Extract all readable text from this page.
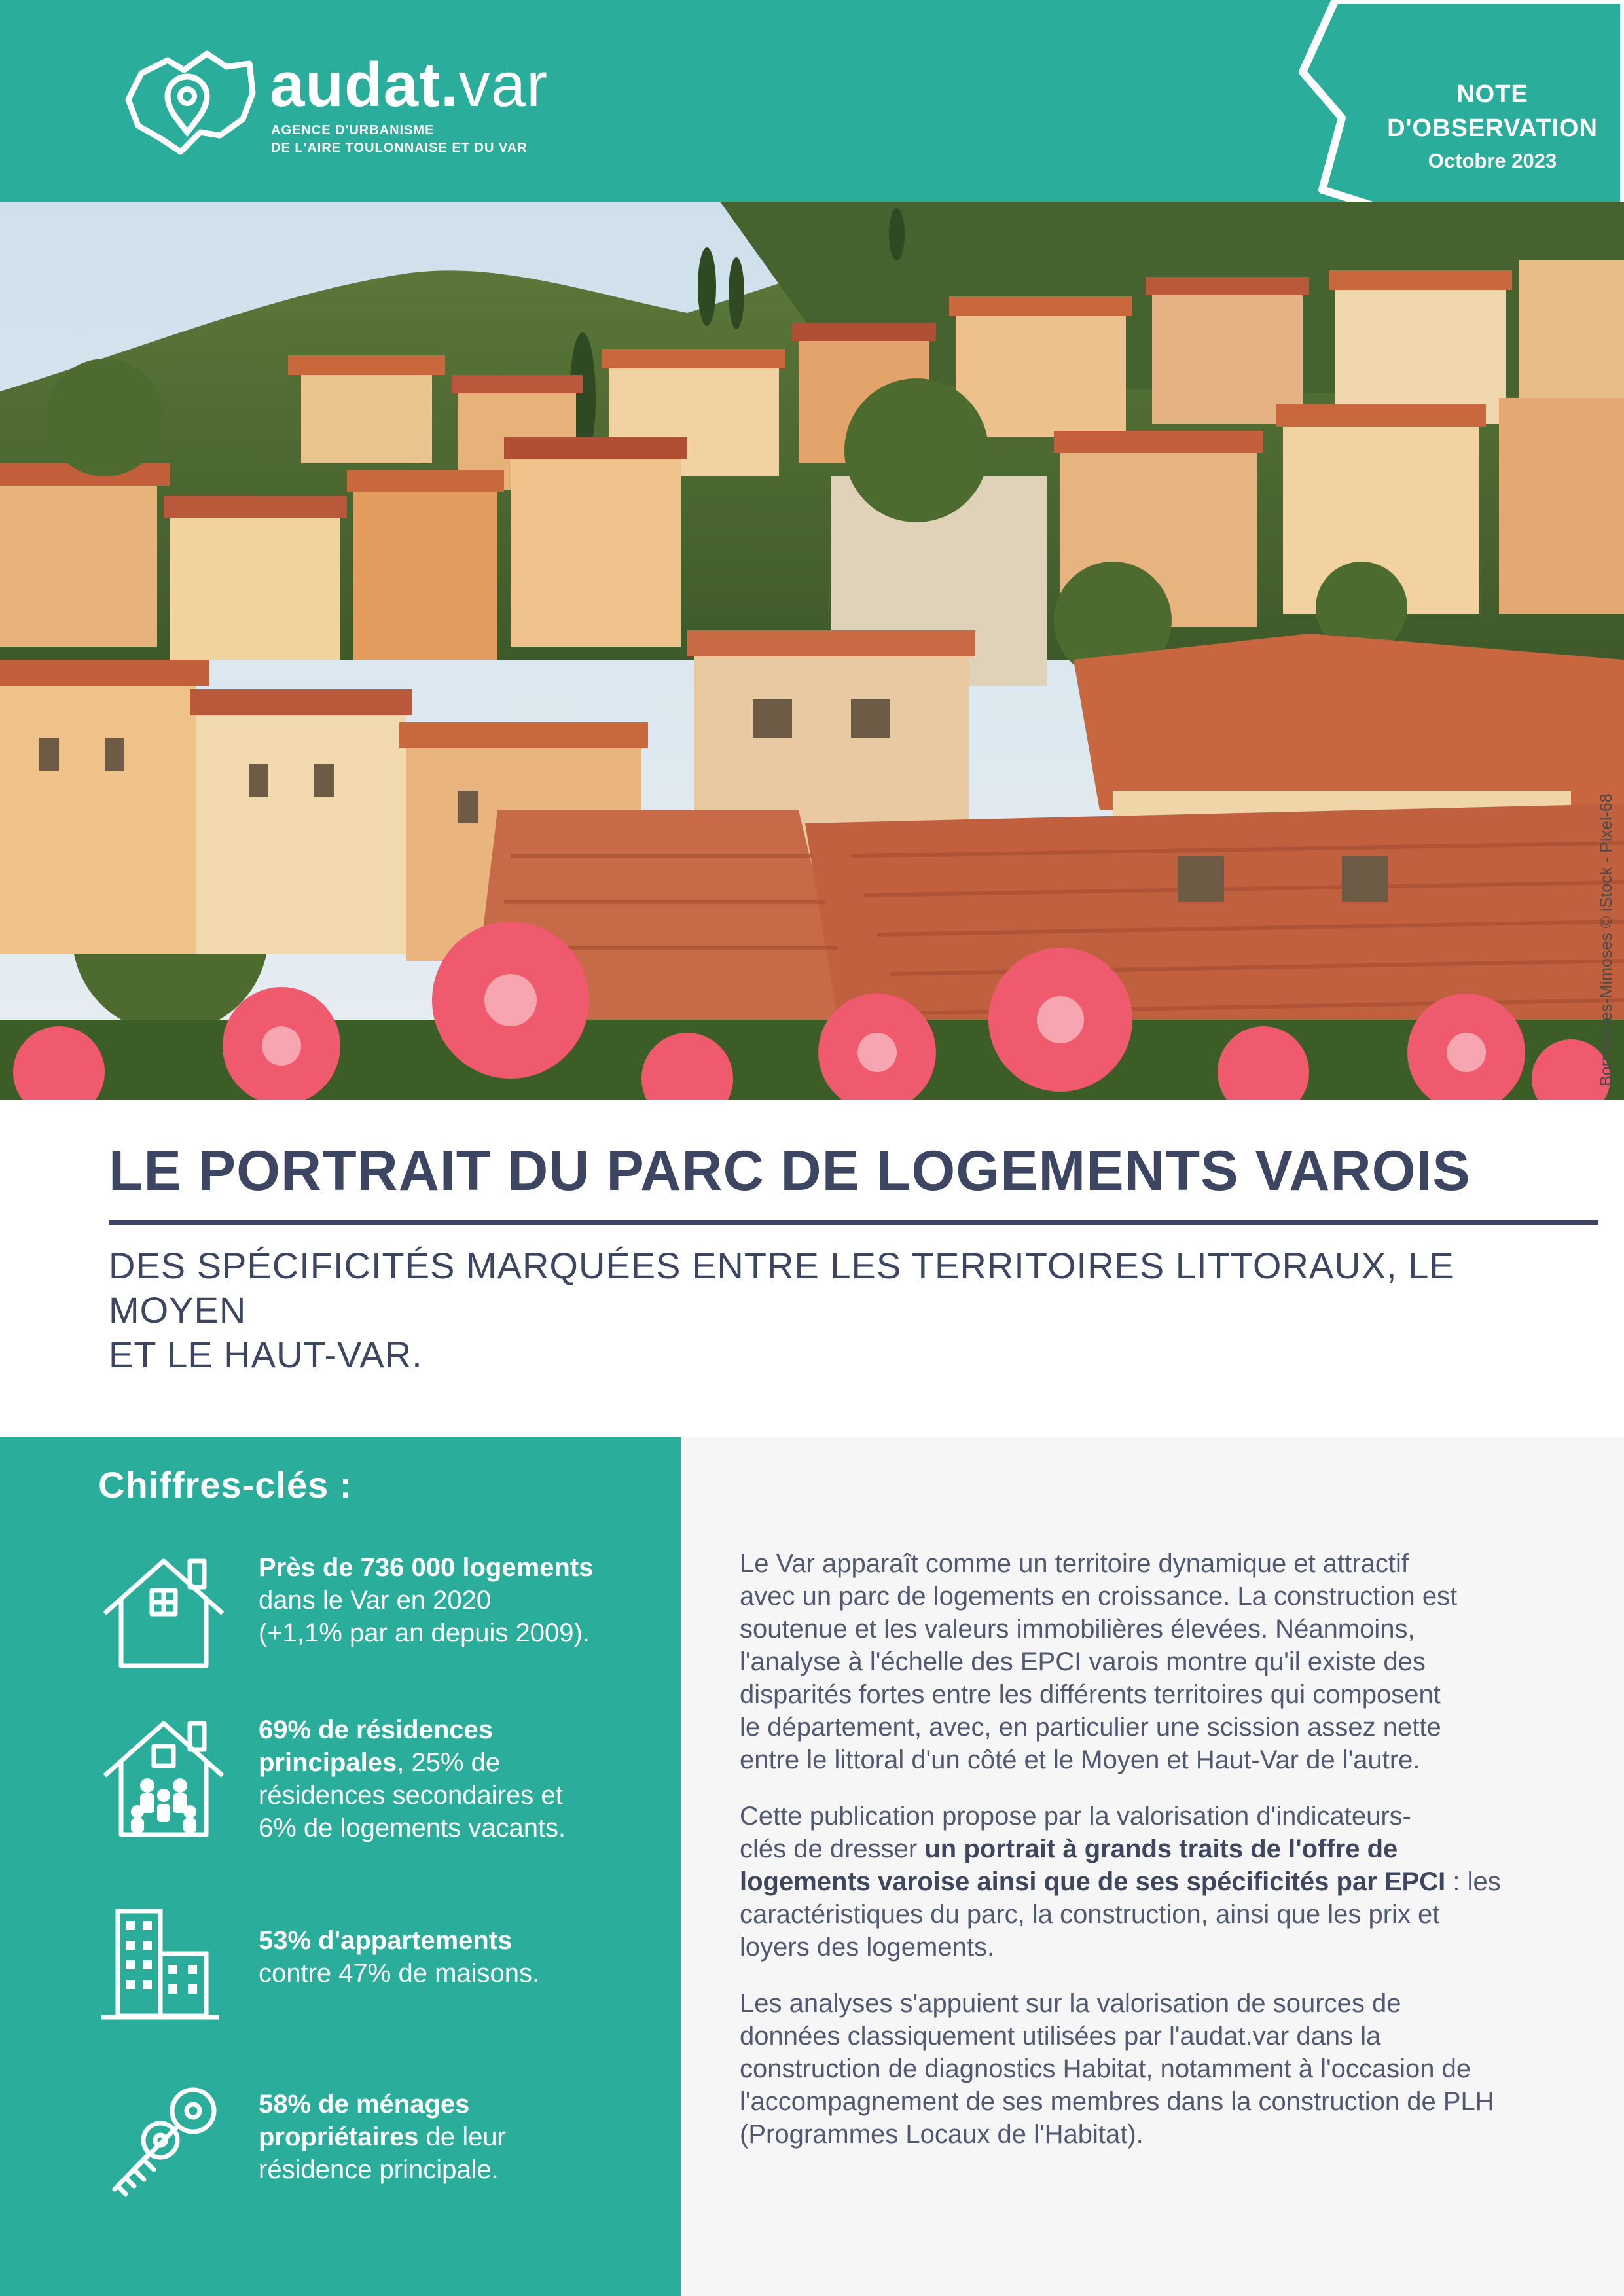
audat.var
AGENCE D'URBANISME
DE L'AIRE TOULONNAISE ET DU VAR
NOTE
D'OBSERVATION
Octobre 2023
Bormes-les-Mimoses © iStock - Pixel-68
LE PORTRAIT DU PARC DE LOGEMENTS VAROIS
DES SPÉCIFICITÉS MARQUÉES ENTRE LES TERRITOIRES LITTORAUX, LE MOYEN
ET LE HAUT-VAR.
Chiffres-clés :
Près de 736 000 logements
dans le Var en 2020
(+1,1% par an depuis 2009).
69% de résidences
principales, 25% de
résidences secondaires et
6% de logements vacants.
53% d'appartements
contre 47% de maisons.
58% de ménages
propriétaires de leur
résidence principale.
Le Var apparaît comme un territoire dynamique et attractif
avec un parc de logements en croissance. La construction est
soutenue et les valeurs immobilières élevées. Néanmoins,
l'analyse à l'échelle des EPCI varois montre qu'il existe des
disparités fortes entre les différents territoires qui composent
le département, avec, en particulier une scission assez nette
entre le littoral d'un côté et le Moyen et Haut-Var de l'autre.
Cette publication propose par la valorisation d'indicateurs-
clés de dresser un portrait à grands traits de l'offre de
logements varoise ainsi que de ses spécificités par EPCI : les
caractéristiques du parc, la construction, ainsi que les prix et
loyers des logements.
Les analyses s'appuient sur la valorisation de sources de
données classiquement utilisées par l'audat.var dans la
construction de diagnostics Habitat, notamment à l'occasion de
l'accompagnement de ses membres dans la construction de PLH
(Programmes Locaux de l'Habitat).
